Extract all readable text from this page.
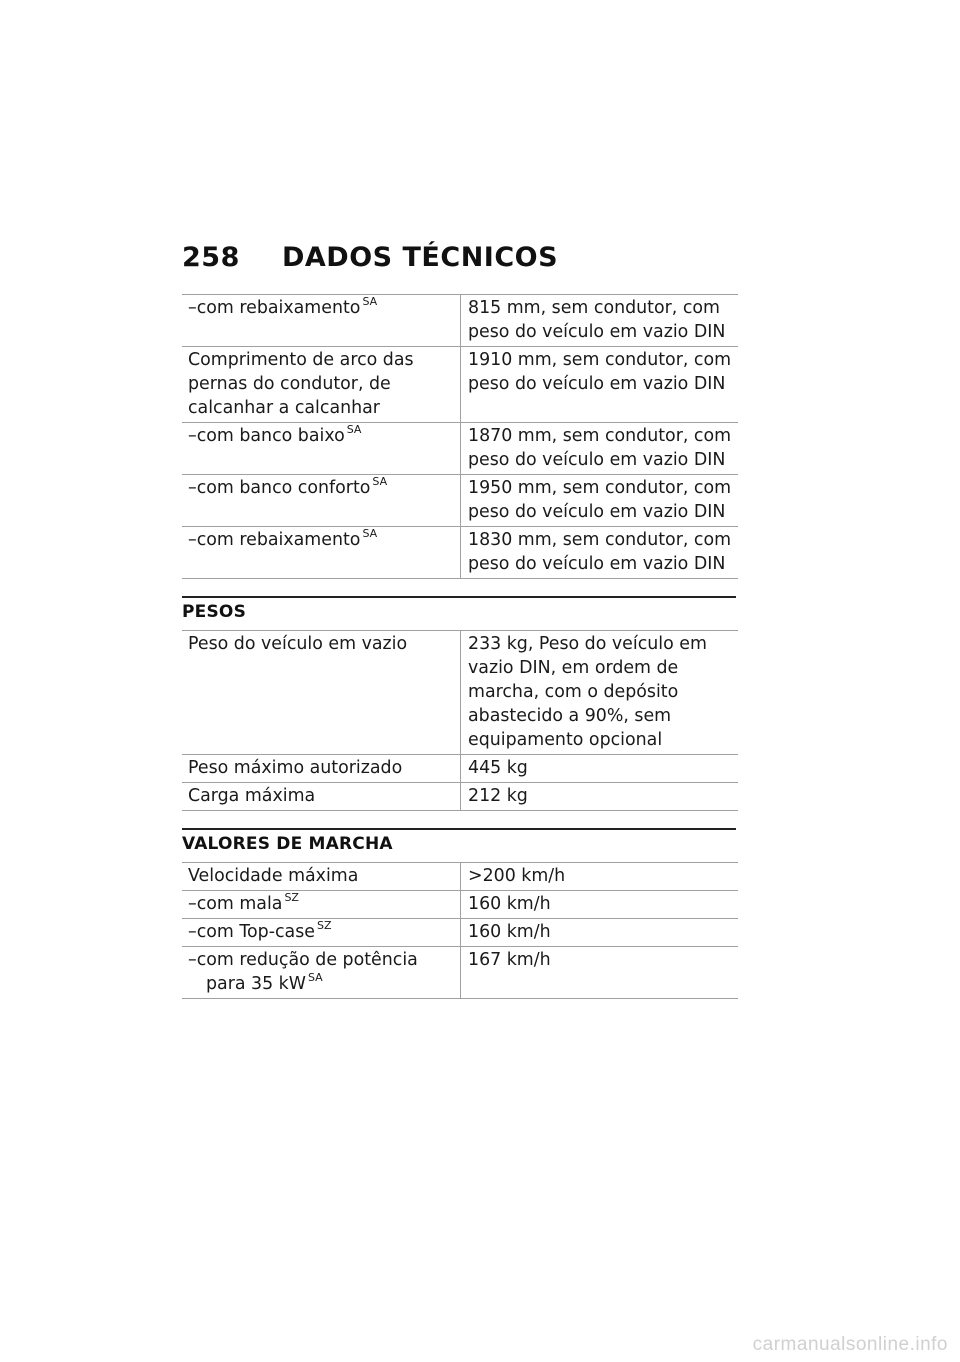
258	DADOS TÉCNICOS
–com rebaixamento $^{SA}$	815 mm, sem condutor, com peso do veículo em vazio DIN
Comprimento de arco das pernas do condutor, de calcanhar a calcanhar	1910 mm, sem condutor, com peso do veículo em vazio DIN
–com banco baixo $^{SA}$	1870 mm, sem condutor, com peso do veículo em vazio DIN
–com banco conforto $^{SA}$	1950 mm, sem condutor, com peso do veículo em vazio DIN
–com rebaixamento $^{SA}$	1830 mm, sem condutor, com peso do veículo em vazio DIN
PESOS
Peso do veículo em vazio	233 kg, Peso do veículo em vazio DIN, em ordem de marcha, com o depósito abastecido a 90%, sem equipamento opcional
Peso máximo autorizado	445 kg
Carga máxima	212 kg
VALORES DE MARCHA
Velocidade máxima	>200 km/h
–com mala $^{SZ}$	160 km/h
–com Top-case $^{SZ}$	160 km/h

–com redução de potência para 35 kW $^{SA}$	167 km/h
carmanualsonline.info
